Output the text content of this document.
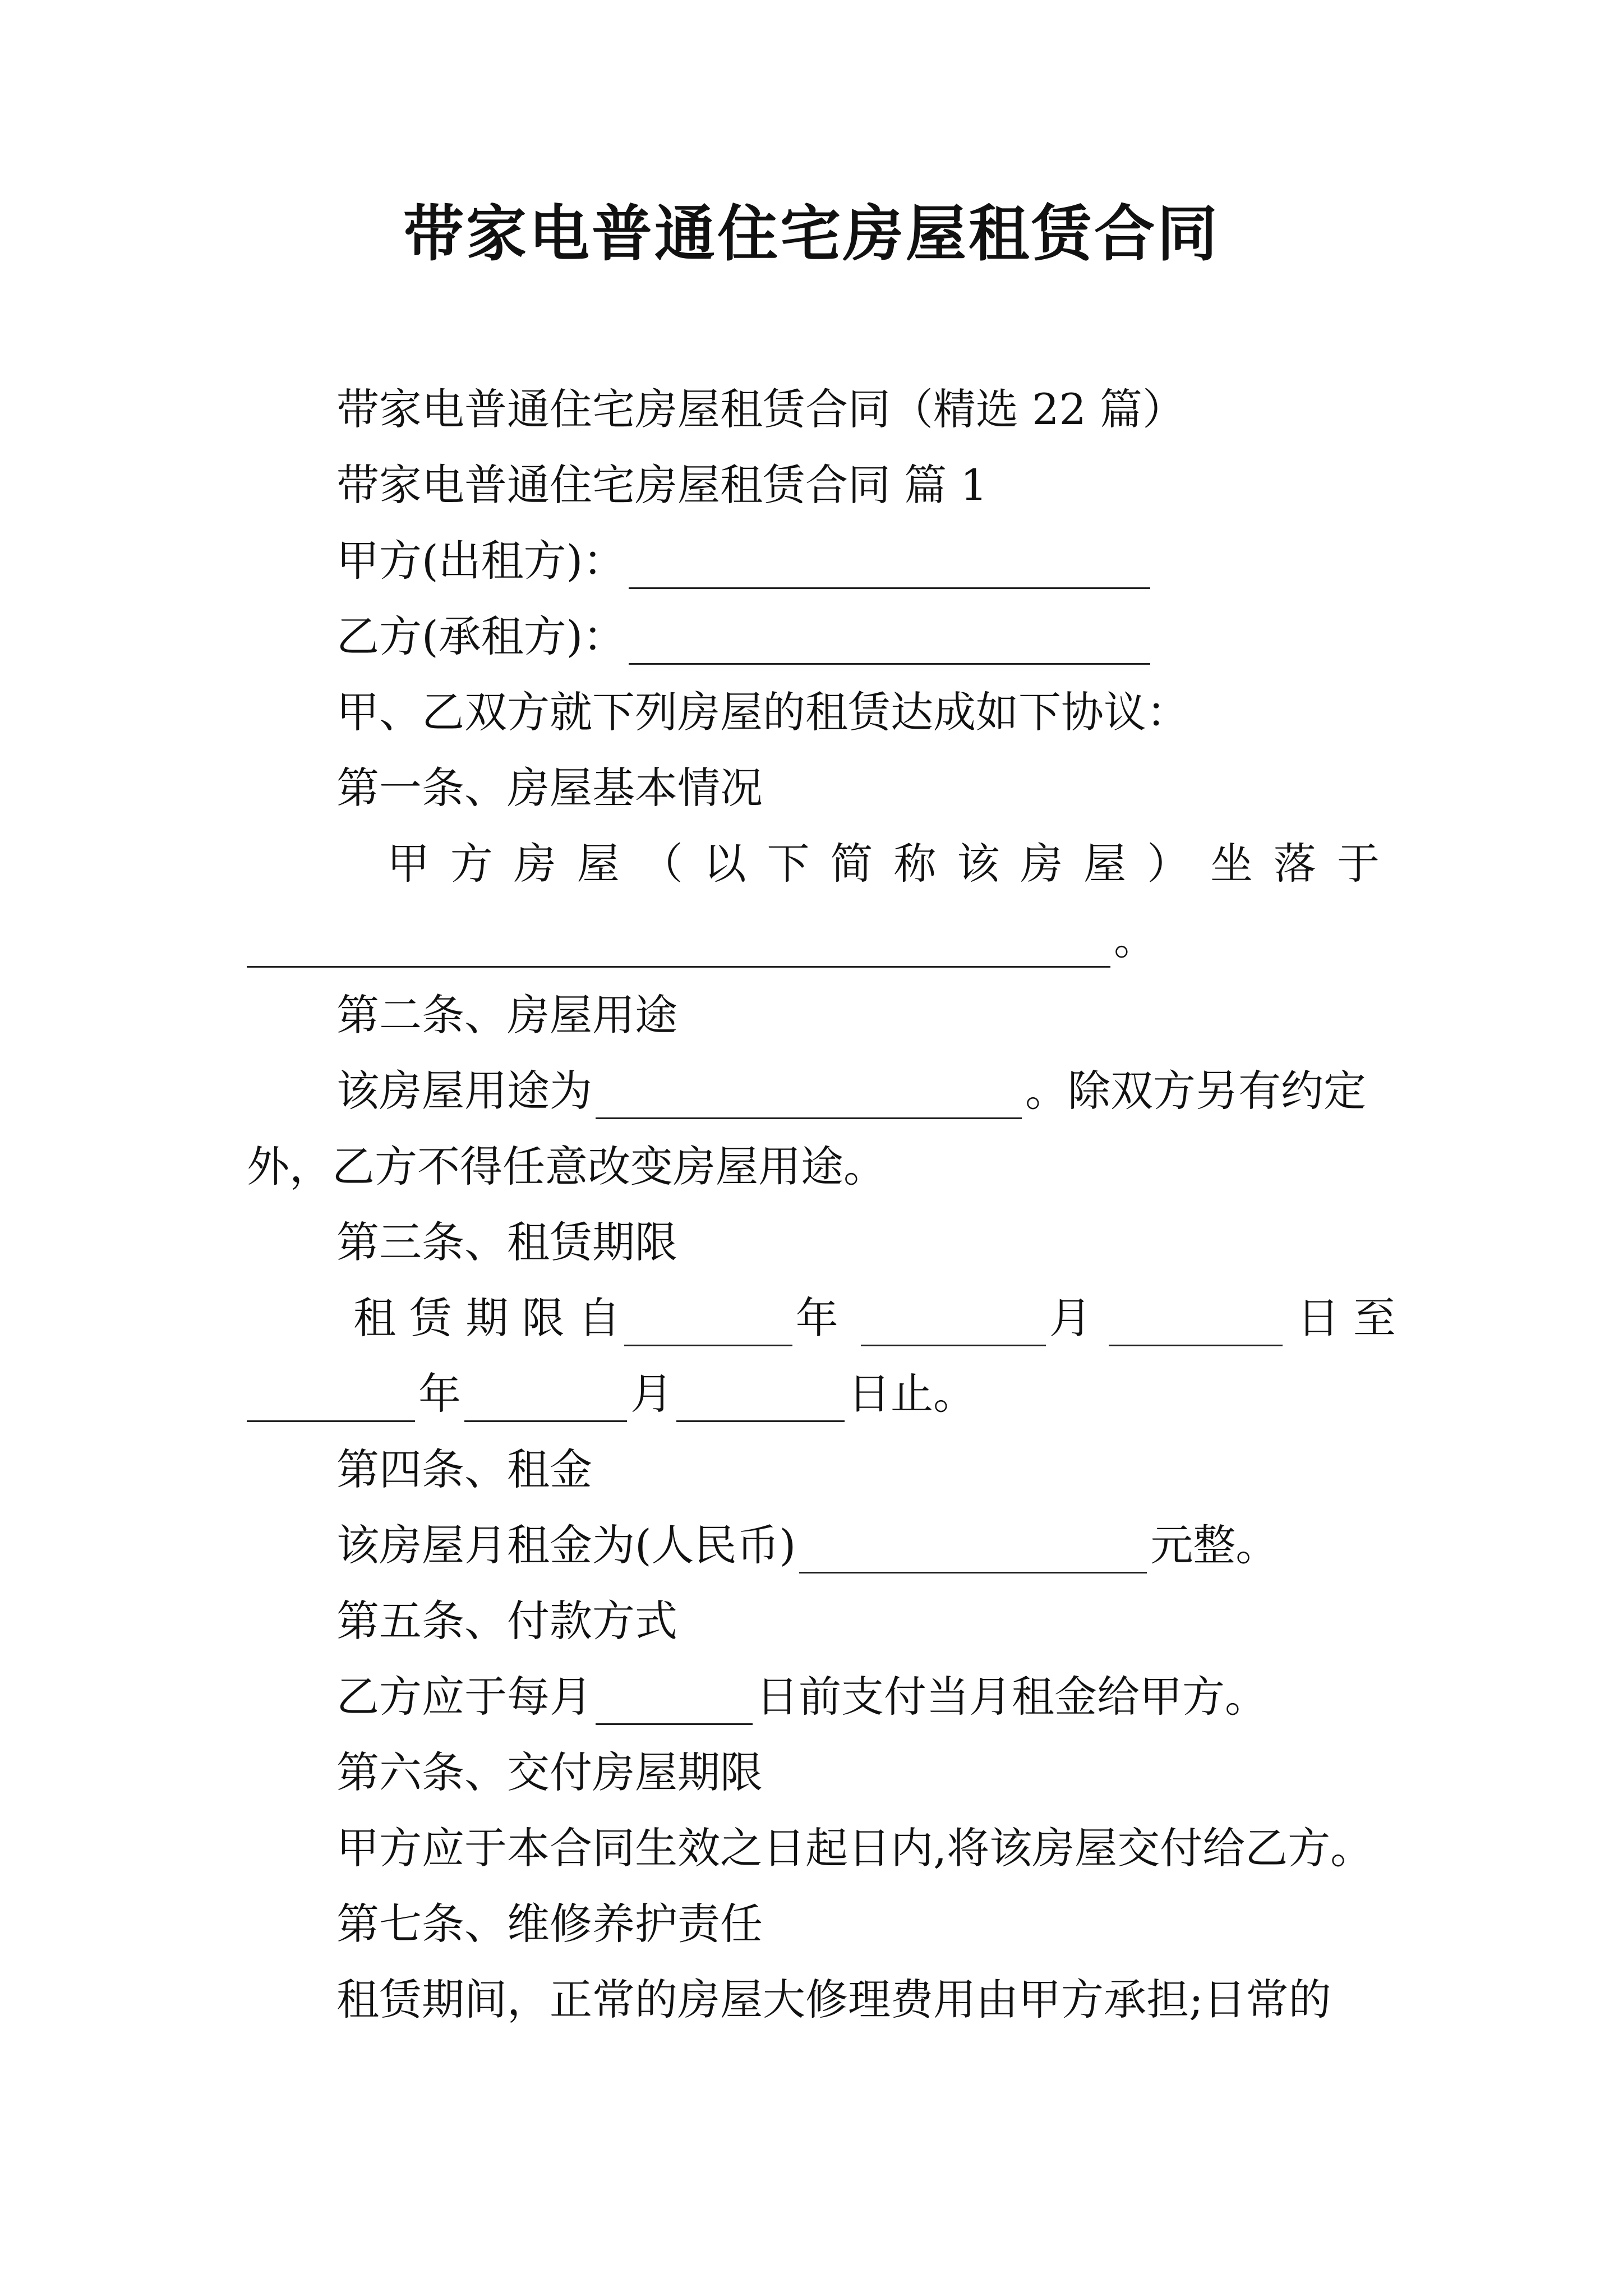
带家电普通住宅房屋租赁合同
带家电普通住宅房屋租赁合同（精选 22 篇）
带家电普通住宅房屋租赁合同 篇 1
甲方(出租方)：
乙方(承租方)：
甲、乙双方就下列房屋的租赁达成如下协议：
第一条、房屋基本情况
甲 方 房 屋 （ 以 下 简 称 该 房 屋 ） 坐 落 于
。
第二条、房屋用途
该房屋用途为	。除双方另有约定
外，乙方不得任意改变房屋用途。
第三条、租赁期限
租 赁 期 限 自	年	月	日 至
年	月	日止。
第四条、租金
该房屋月租金为(人民币)	元整。
第五条、付款方式
乙方应于每月	日前支付当月租金给甲方。
第六条、交付房屋期限
甲方应于本合同生效之日起日内,将该房屋交付给乙方。
第七条、维修养护责任
租赁期间，正常的房屋大修理费用由甲方承担;日常的
